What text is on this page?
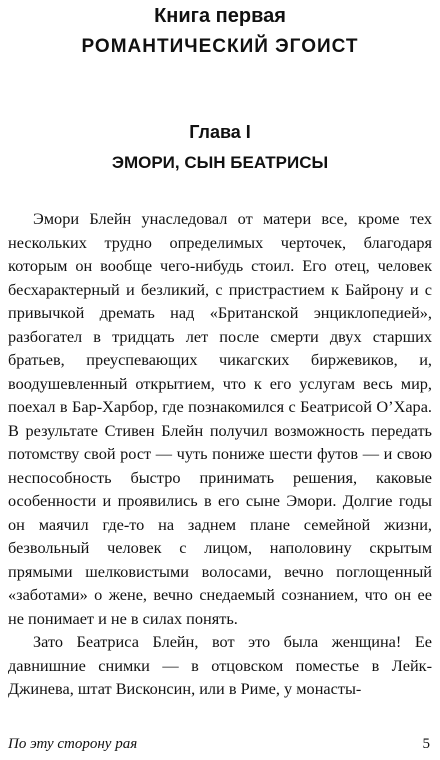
Книга первая
РОМАНТИЧЕСКИЙ ЭГОИСТ
Глава I
ЭМОРИ, СЫН БЕАТРИСЫ

Эмори Блейн унаследовал от матери все, кроме тех нескольких трудно определимых черточек, благодаря которым он вообще чего-нибудь стоил. Его отец, человек бесхарактерный и безликий, с пристрастием к Байрону и с привычкой дремать над «Британской энциклопедией», разбогател в тридцать лет после смерти двух старших братьев, преуспевающих чикагских биржевиков, и, воодушевленный открытием, что к его услугам весь мир, поехал в Бар-Харбор, где познакомился с Беатрисой О’Хара. В результате Стивен Блейн получил возможность передать потомству свой рост — чуть пониже шести футов — и свою неспособность быстро принимать решения, каковые особенности и проявились в его сыне Эмори. Долгие годы он маячил где-то на заднем плане семейной жизни, безвольный человек с лицом, наполовину скрытым прямыми шелковистыми волосами, вечно поглощенный «заботами» о жене, вечно снедаемый сознанием, что он ее не понимает и не в силах понять.

Зато Беатриса Блейн, вот это была женщина! Ее давнишние снимки — в отцовском поместье в Лейк-Джинева, штат Висконсин, или в Риме, у монасты-

По эту сторону рая	5
